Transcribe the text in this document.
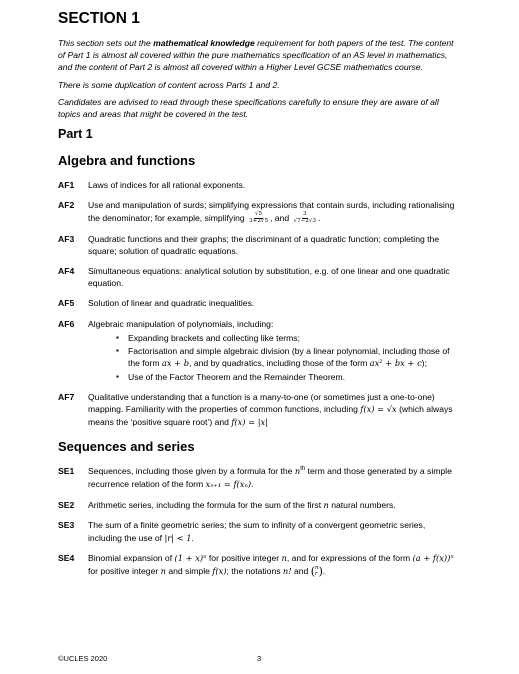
SECTION 1

This section sets out the mathematical knowledge requirement for both papers of the test. The content of Part 1 is almost all covered within the pure mathematics specification of an AS level in mathematics, and the content of Part 2 is almost all covered within a Higher Level GCSE mathematics course.

There is some duplication of content across Parts 1 and 2.

Candidates are advised to read through these specifications carefully to ensure they are aware of all topics and areas that might be covered in the test.

Part 1
Algebra and functions
AF1	Laws of indices for all rational exponents.
AF2	Use and manipulation of surds; simplifying expressions that contain surds, including rationalising the denominator; for example, simplifying $\frac{√5}{3+2√5}$ , and $\frac{3}{√7-2√3}$ .
AF3	Quadratic functions and their graphs; the discriminant of a quadratic function; completing the square; solution of quadratic equations.
AF4	Simultaneous equations: analytical solution by substitution, e.g. of one linear and one quadratic equation.
AF5	Solution of linear and quadratic inequalities.
AF6	Algebraic manipulation of polynomials, including:
▪ Expanding brackets and collecting like terms;
▪ Factorisation and simple algebraic division (by a linear polynomial, including those of the form ax + b, and by quadratics, including those of the form ax² + bx + c);
▪ Use of the Factor Theorem and the Remainder Theorem.
AF7	Qualitative understanding that a function is a many-to-one (or sometimes just a one-to-one) mapping. Familiarity with the properties of common functions, including f(x) = √x (which always means the ‘positive square root’) and f(x) = |x|
Sequences and series
SE1	Sequences, including those given by a formula for the $n^{th}$ term and those generated by a simple recurrence relation of the form xₙ₊₁ = f(xₙ).
SE2	Arithmetic series, including the formula for the sum of the first n natural numbers.
SE3	The sum of a finite geometric series; the sum to infinity of a convergent geometric series, including the use of |r| < 1.
SE4	Binomial expansion of (1 + x)ⁿ for positive integer n, and for expressions of the form (a + f(x))ⁿ for positive integer n and simple f(x); the notations n! and ( n
r ) .
©UCLES 2020	3
